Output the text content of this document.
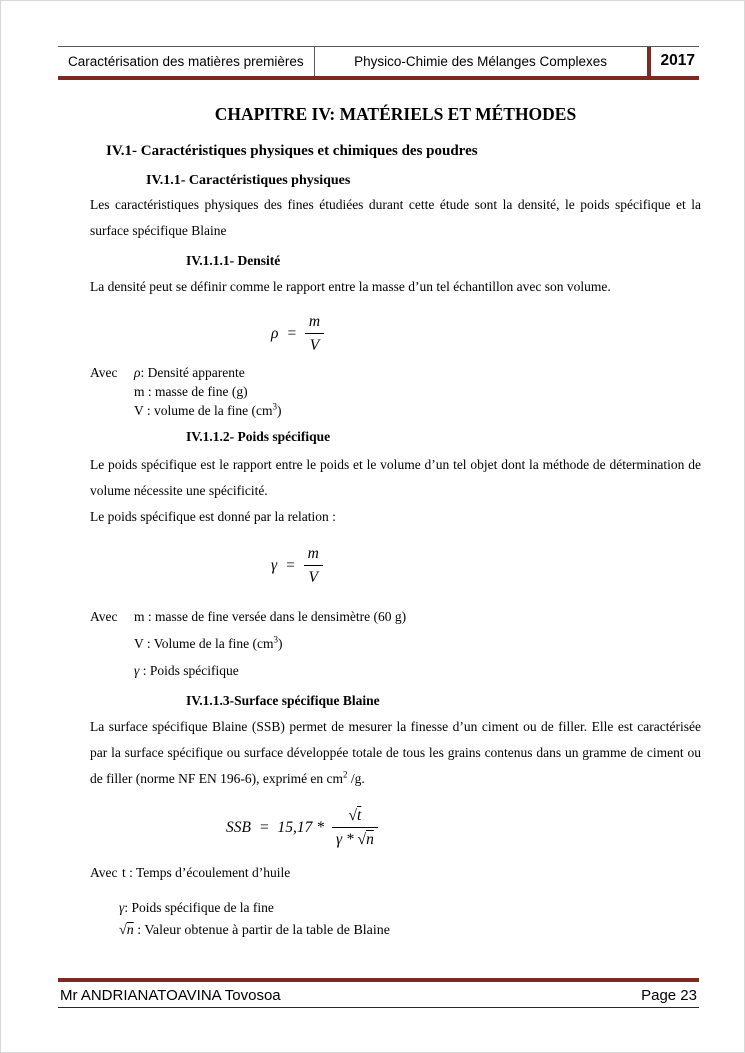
Caractérisation des matières premières	Physico-Chimie des Mélanges Complexes	2017
CHAPITRE IV: MATÉRIELS ET MÉTHODES
IV.1- Caractéristiques physiques et chimiques des poudres
IV.1.1- Caractéristiques physiques

Les caractéristiques physiques des fines étudiées durant cette étude sont la densité, le poids spécifique et la surface spécifique Blaine

IV.1.1.1- Densité

La densité peut se définir comme le rapport entre la masse d’un tel échantillon avec son volume.

$\rho = \frac{m}{V}$
Avec	ρ: Densité apparente
m : masse de fine (g)
V : volume de la fine $(cm^3)$
IV.1.1.2- Poids spécifique

Le poids spécifique est le rapport entre le poids et le volume d’un tel objet dont la méthode de détermination de volume nécessite une spécificité.

Le poids spécifique est donné par la relation :

$\gamma = \frac{m}{V}$
Avec	m : masse de fine versée dans le densimètre (60 g)
V : Volume de la fine $(cm^3)$
γ : Poids spécifique
IV.1.1.3-Surface spécifique Blaine

La surface spécifique Blaine (SSB) permet de mesurer la finesse d’un ciment ou de filler. Elle est caractérisée par la surface spécifique ou surface développée totale de tous les grains contenus dans un gramme de ciment ou de filler (norme NF EN 196-6), exprimé en $cm^2$ /g.

SSB = $15,17 * \frac{√t}{\gamma * √n}$
Avec t : Temps d’écoulement d’huile
γ: Poids spécifique de la fine
√n : Valeur obtenue à partir de la table de Blaine
Mr ANDRIANATOAVINA Tovosoa	Page 23
